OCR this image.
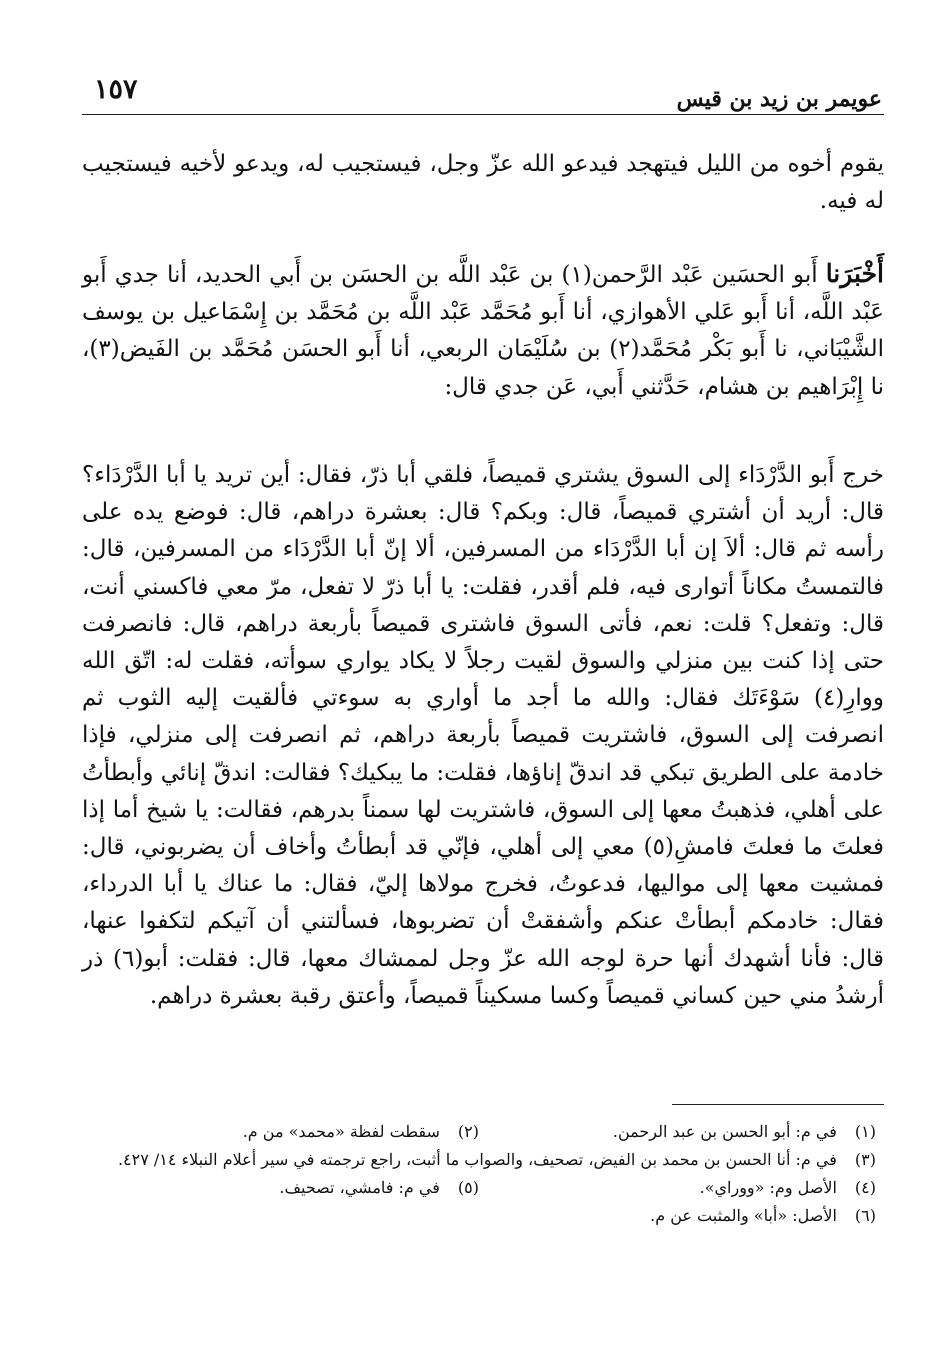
١٥٧	عويمر بن زيد بن قيس

يقوم أخوه من الليل فيتهجد فيدعو الله عزّ وجل، فيستجيب له، ويدعو لأخيه فيستجيب له فيه.

أَخْبَرَنا أَبو الحسَين عَبْد الرَّحمن(١) بن عَبْد اللَّه بن الحسَن بن أَبي الحديد، أنا جدي أَبو عَبْد اللَّه، أنا أَبو عَلي الأهوازي، أنا أَبو مُحَمَّد عَبْد اللَّه بن مُحَمَّد بن إِسْمَاعيل بن يوسف الشَّيْبَاني، نا أَبو بَكْر مُحَمَّد(٢) بن سُلَيْمَان الربعي، أنا أَبو الحسَن مُحَمَّد بن الفَيض(٣)، نا إِبْرَاهيم بن هشام، حَدَّثني أَبي، عَن جدي قال:

خرج أَبو الدَّرْدَاء إلى السوق يشتري قميصاً، فلقي أبا ذرّ، فقال: أين تريد يا أبا الدَّرْدَاء؟ قال: أريد أن أشتري قميصاً، قال: وبكم؟ قال: بعشرة دراهم، قال: فوضع يده على رأسه ثم قال: ألاَ إن أبا الدَّرْدَاء من المسرفين، ألا إنّ أبا الدَّرْدَاء من المسرفين، قال: فالتمستُ مكاناً أتوارى فيه، فلم أقدر، فقلت: يا أبا ذرّ لا تفعل، مرّ معي فاكسني أنت، قال: وتفعل؟ قلت: نعم، فأتى السوق فاشترى قميصاً بأربعة دراهم، قال: فانصرفت حتى إذا كنت بين منزلي والسوق لقيت رجلاً لا يكاد يواري سوأته، فقلت له: اتّق الله ووارِ(٤) سَوْءَتَك فقال: والله ما أجد ما أواري به سوءتي فألقيت إليه الثوب ثم انصرفت إلى السوق، فاشتريت قميصاً بأربعة دراهم، ثم انصرفت إلى منزلي، فإذا خادمة على الطريق تبكي قد اندقّ إناؤها، فقلت: ما يبكيك؟ فقالت: اندقّ إنائي وأبطأتُ على أهلي، فذهبتُ معها إلى السوق، فاشتريت لها سمناً بدرهم، فقالت: يا شيخ أما إذا فعلتَ ما فعلتَ فامشِ(٥) معي إلى أهلي، فإنّي قد أبطأتُ وأخاف أن يضربوني، قال: فمشيت معها إلى مواليها، فدعوتُ، فخرج مولاها إليّ، فقال: ما عناك يا أبا الدرداء، فقال: خادمكم أبطأتْ عنكم وأشفقتْ أن تضربوها، فسألتني أن آتيكم لتكفوا عنها، قال: فأنا أشهدك أنها حرة لوجه الله عزّ وجل لممشاك معها، قال: فقلت: أبو(٦) ذر أرشدُ مني حين كساني قميصاً وكسا مسكيناً قميصاً، وأعتق رقبة بعشرة دراهم.

(١) في م: أبو الحسن بن عبد الرحمن.
(٢) سقطت لفظة «محمد» من م.
(٣) في م: أنا الحسن بن محمد بن الفيض، تصحيف، والصواب ما أثبت، راجع ترجمته في سير أعلام النبلاء ١٤/ ٤٢٧.
(٤) الأصل وم: «ووراي».
(٥) في م: فامشي، تصحيف.
(٦) الأصل: «أبا» والمثبت عن م.
